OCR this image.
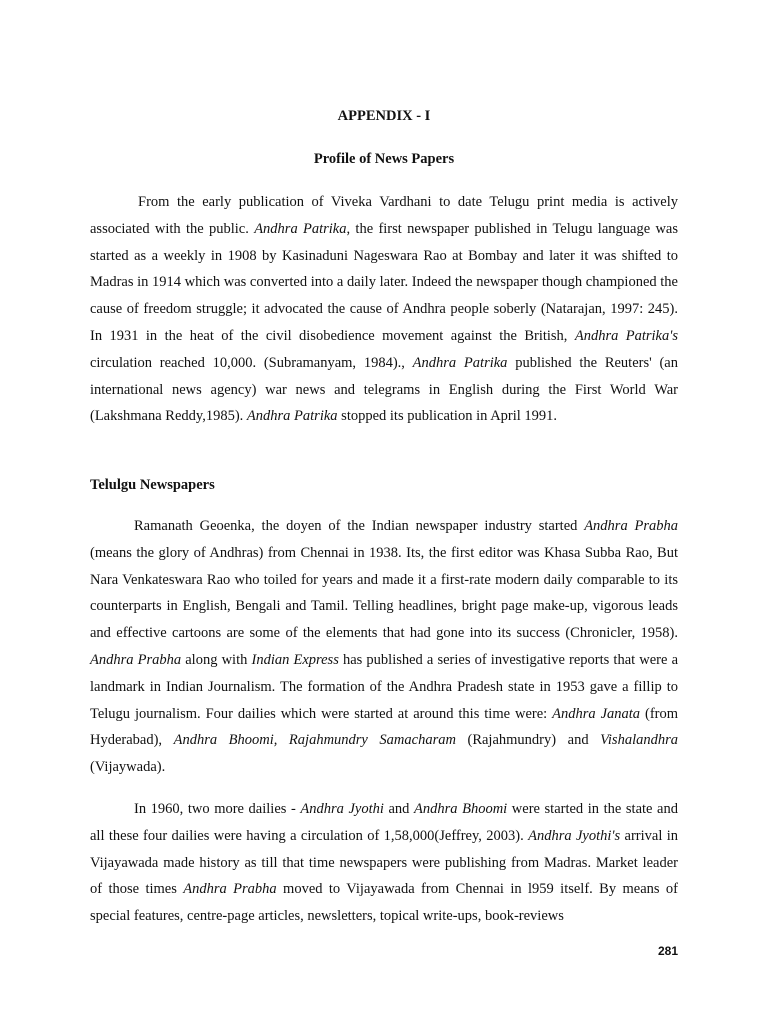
APPENDIX - I

Profile of News Papers

From the early publication of Viveka Vardhani to date Telugu print media is actively associated with the public. Andhra Patrika, the first newspaper published in Telugu language was started as a weekly in 1908 by Kasinaduni Nageswara Rao at Bombay and later it was shifted to Madras in 1914 which was converted into a daily later. Indeed the newspaper though championed the cause of freedom struggle; it advocated the cause of Andhra people soberly (Natarajan, 1997: 245). In 1931 in the heat of the civil disobedience movement against the British, Andhra Patrika's circulation reached 10,000. (Subramanyam, 1984)., Andhra Patrika published the Reuters' (an international news agency) war news and telegrams in English during the First World War (Lakshmana Reddy,1985). Andhra Patrika stopped its publication in April 1991.

Telulgu Newspapers

Ramanath Geoenka, the doyen of the Indian newspaper industry started Andhra Prabha (means the glory of Andhras) from Chennai in 1938. Its, the first editor was Khasa Subba Rao, But Nara Venkateswara Rao who toiled for years and made it a first-rate modern daily comparable to its counterparts in English, Bengali and Tamil. Telling headlines, bright page make-up, vigorous leads and effective cartoons are some of the elements that had gone into its success (Chronicler, 1958). Andhra Prabha along with Indian Express has published a series of investigative reports that were a landmark in Indian Journalism. The formation of the Andhra Pradesh state in 1953 gave a fillip to Telugu journalism. Four dailies which were started at around this time were: Andhra Janata (from Hyderabad), Andhra Bhoomi, Rajahmundry Samacharam (Rajahmundry) and Vishalandhra (Vijaywada).

In 1960, two more dailies - Andhra Jyothi and Andhra Bhoomi were started in the state and all these four dailies were having a circulation of 1,58,000(Jeffrey, 2003). Andhra Jyothi's arrival in Vijayawada made history as till that time newspapers were publishing from Madras. Market leader of those times Andhra Prabha moved to Vijayawada from Chennai in l959 itself. By means of special features, centre-page articles, newsletters, topical write-ups, book-reviews

281
